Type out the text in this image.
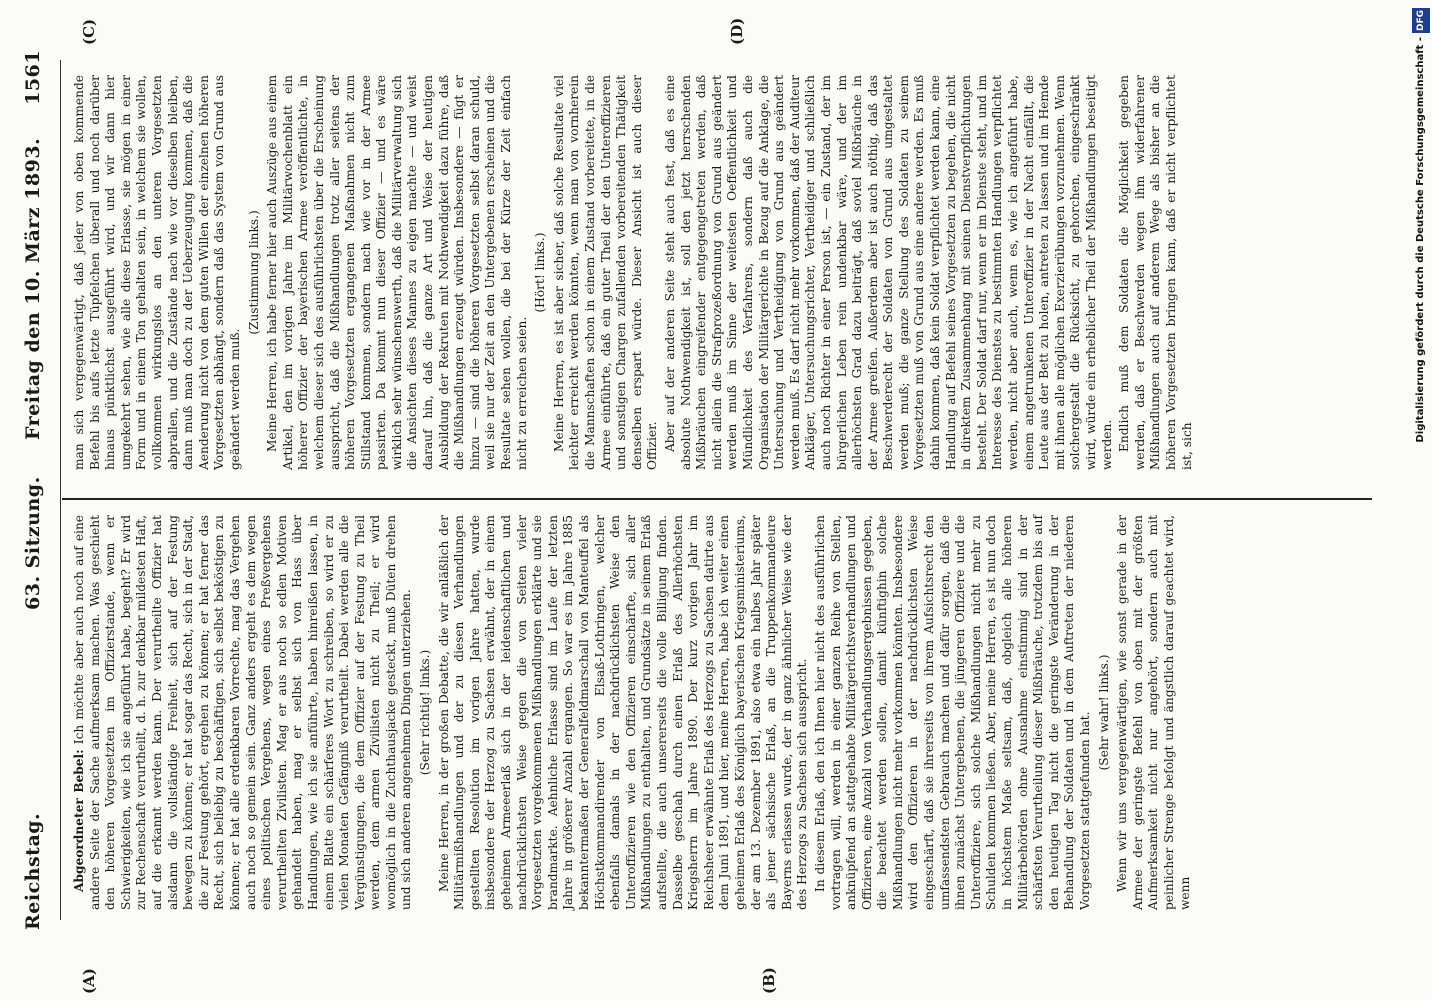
Reichstag.
63. Sitzung.
Freitag den 10. März 1893.
1561
(A)	(B)
(C)	(D)

Abgeordneter Bebel: Ich möchte aber auch noch auf eine andere Seite der Sache aufmerksam machen. Was geschieht den höheren Vorgesetzten im Offizierstande, wenn er Schwierigkeiten, wie ich sie angeführt habe, begeht? Er wird zur Rechenschaft verurtheilt, d. h. zur denkbar mildesten Haft, auf die erkannt werden kann. Der verurtheilte Offizier hat alsdann die vollständige Freiheit, sich auf der Festung bewegen zu können; er hat sogar das Recht, sich in der Stadt, die zur Festung gehört, ergehen zu können; er hat ferner das Recht, sich beliebig zu beschäftigen, sich selbst beköstigen zu können; er hat alle erdenkbaren Vorrechte, mag das Vergehen auch noch so gemein sein. Ganz anders ergeht es dem wegen eines politischen Vergehens, wegen eines Preßvergehens verurtheilten Zivilisten. Mag er aus noch so edlen Motiven gehandelt haben, mag er selbst sich von Hass über Handlungen, wie ich sie anführte, haben hinreißen lassen, in einem Blatte ein schärferes Wort zu schreiben, so wird er zu vielen Monaten Gefängniß verurtheilt. Dabei werden alle die Vergünstigungen, die dem Offizier auf der Festung zu Theil werden, dem armen Zivilisten nicht zu Theil; er wird womöglich in die Zuchthausjacke gesteckt, muß Düten drehen und sich anderen angenehmen Dingen unterziehen. (Sehr richtig! links.) Meine Herren, in der großen Debatte, die wir anläßlich der Militärmißhandlungen und der zu diesen Verhandlungen gestellten Resolution im vorigen Jahre hatten, wurde insbesondere der Herzog zu Sachsen erwähnt, der in einem geheimen Armeeerlaß sich in der leidenschaftlichen und nachdrücklichsten Weise gegen die von Seiten vieler Vorgesetzten vorgekommenen Mißhandlungen erklärte und sie brandmarkte. Aehnliche Erlasse sind im Laufe der letzten Jahre in größerer Anzahl ergangen. So war es im Jahre 1885 bekanntermaßen der Generalfeldmarschall von Manteuffel als Höchstkommandirender von Elsaß-Lothringen, welcher ebenfalls damals in der nachdrücklichsten Weise den Unteroffizieren wie den Offizieren einschärfte, sich aller Mißhandlungen zu enthalten, und Grundsätze in seinem Erlaß aufstellte, die auch unsererseits die volle Billigung finden. Dasselbe geschah durch einen Erlaß des Allerhöchsten Kriegsherrn im Jahre 1890. Der kurz vorigen Jahr im Reichsheer erwähnte Erlaß des Herzogs zu Sachsen datirte aus dem Juni 1891, und hier, meine Herren, habe ich weiter einen geheimen Erlaß des Königlich bayerischen Kriegsministeriums, der am 13. Dezember 1891, also etwa ein halbes Jahr später als jener sächsische Erlaß, an die Truppenkommandeure Bayerns erlassen wurde, der in ganz ähnlicher Weise wie der des Herzogs zu Sachsen sich ausspricht. In diesem Erlaß, den ich Ihnen hier nicht des ausführlichen vortragen will, werden in einer ganzen Reihe von Stellen, anknüpfend an stattgehabte Militärgerichtsverhandlungen und Offizieren, eine Anzahl von Verhandlungsergebnissen gegeben, die beachtet werden sollen, damit künftighin solche Mißhandlungen nicht mehr vorkommen könnten. Insbesondere wird den Offizieren in der nachdrücklichsten Weise eingeschärft, daß sie ihrerseits von ihrem Aufsichtsrecht den umfassendsten Gebrauch machen und dafür sorgen, daß die ihnen zunächst Untergebenen, die jüngeren Offiziere und die Unteroffiziere, sich solche Mißhandlungen nicht mehr zu Schulden kommen ließen. Aber, meine Herren, es ist nun doch in höchstem Maße seltsam, daß, obgleich alle höheren Militärbehörden ohne Ausnahme einstimmig sind in der schärfsten Verurtheilung dieser Mißbräuche, trotzdem bis auf den heutigen Tag nicht die geringste Veränderung in der Behandlung der Soldaten und in dem Auftreten der niederen Vorgesetzten stattgefunden hat. (Sehr wahr! links.) Wenn wir uns vergegenwärtigen, wie sonst gerade in der Armee der geringste Befehl von oben mit der größten Aufmerksamkeit nicht nur angehört, sondern auch mit peinlicher Strenge befolgt und ängstlich darauf geachtet wird, wenn

man sich vergegenwärtigt, daß jeder von oben kommende Befehl bis aufs letzte Tüpfelchen überall und noch darüber hinaus pünktlichst ausgeführt wird, und wir dann hier umgekehrt sehen, wie alle diese Erlasse, sie mögen in einer Form und in einem Ton gehalten sein, in welchem sie wollen, vollkommen wirkungslos an den unteren Vorgesetzten abprallen, und die Zustände nach wie vor dieselben bleiben, dann muß man doch zu der Ueberzeugung kommen, daß die Aenderung nicht von dem guten Willen der einzelnen höheren Vorgesetzten abhängt, sondern daß das System von Grund aus geändert werden muß.

(Zustimmung links.) Meine Herren, ich habe ferner hier auch Auszüge aus einem Artikel, den im vorigen Jahre im Militärwochenblatt ein höherer Offizier der bayerischen Armee veröffentlichte, in welchem dieser sich des ausführlichsten über die Erscheinung ausspricht, daß die Mißhandlungen trotz aller seitens der höheren Vorgesetzten ergangenen Maßnahmen nicht zum Stillstand kommen, sondern nach wie vor in der Armee passirten. Da kommt nun dieser Offizier — und es wäre wirklich sehr wünschenswerth, daß die Militärverwaltung sich die Ansichten dieses Mannes zu eigen machte — und weist darauf hin, daß die ganze Art und Weise der heutigen Ausbildung der Rekruten mit Nothwendigkeit dazu führe, daß die Mißhandlungen erzeugt würden. Insbesondere — fügt er hinzu — sind die höheren Vorgesetzten selbst daran schuld, weil sie nur der Zeit an den Untergebenen erscheinen und die Resultate sehen wollen, die bei der Kürze der Zeit einfach nicht zu erreichen seien.

(Hört! links.) Meine Herren, es ist aber sicher, daß solche Resultate viel leichter erreicht werden könnten, wenn man von vornherein die Mannschaften schon in einem Zustand vorbereitete, in die Armee einführte, daß ein guter Theil der den Unteroffizieren und sonstigen Chargen zufallenden vorbereitenden Thätigkeit denselben erspart würde. Dieser Ansicht ist auch dieser Offizier. Aber auf der anderen Seite steht auch fest, daß es eine absolute Nothwendigkeit ist, soll den jetzt herrschenden Mißbräuchen eingreifender entgegengetreten werden, daß nicht allein die Strafprozeßordnung von Grund aus geändert werden muß im Sinne der weitesten Oeffentlichkeit und Mündlichkeit des Verfahrens, sondern daß auch die Organisation der Militärgerichte in Bezug auf die Anklage, die Untersuchung und Vertheidigung von Grund aus geändert werden muß. Es darf nicht mehr vorkommen, daß der Auditeur Ankläger, Untersuchungsrichter, Vertheidiger und schließlich auch noch Richter in einer Person ist, — ein Zustand, der im bürgerlichen Leben rein undenkbar wäre, und der im allerhöchsten Grad dazu beiträgt, daß soviel Mißbräuche in der Armee greifen. Außerdem aber ist auch nöthig, daß das Beschwerderecht der Soldaten von Grund aus umgestaltet werden muß; die ganze Stellung des Soldaten zu seinem Vorgesetzten muß von Grund aus eine andere werden. Es muß dahin kommen, daß kein Soldat verpflichtet werden kann, eine Handlung auf Befehl seines Vorgesetzten zu begehen, die nicht in direktem Zusammenhang mit seinen Dienstverpflichtungen besteht. Der Soldat darf nur, wenn er im Dienste steht, und im Interesse des Dienstes zu bestimmten Handlungen verpflichtet werden, nicht aber auch, wenn es, wie ich angeführt habe, einem angetrunkenen Unteroffizier in der Nacht einfällt, die Leute aus der Bett zu holen, antreten zu lassen und im Hemde mit ihnen alle möglichen Exerzierübungen vorzunehmen. Wenn solchergestalt die Rücksicht, zu gehorchen, eingeschränkt wird, würde ein erheblicher Theil der Mißhandlungen beseitigt werden. Endlich muß dem Soldaten die Möglichkeit gegeben werden, daß er Beschwerden wegen ihm widerfahrener Mißhandlungen auch auf anderem Wege als bisher an die höheren Vorgesetzten bringen kann, daß er nicht verpflichtet ist, sich

Digitalisierung gefördert durch die Deutsche Forschungsgemeinschaft -DFG
